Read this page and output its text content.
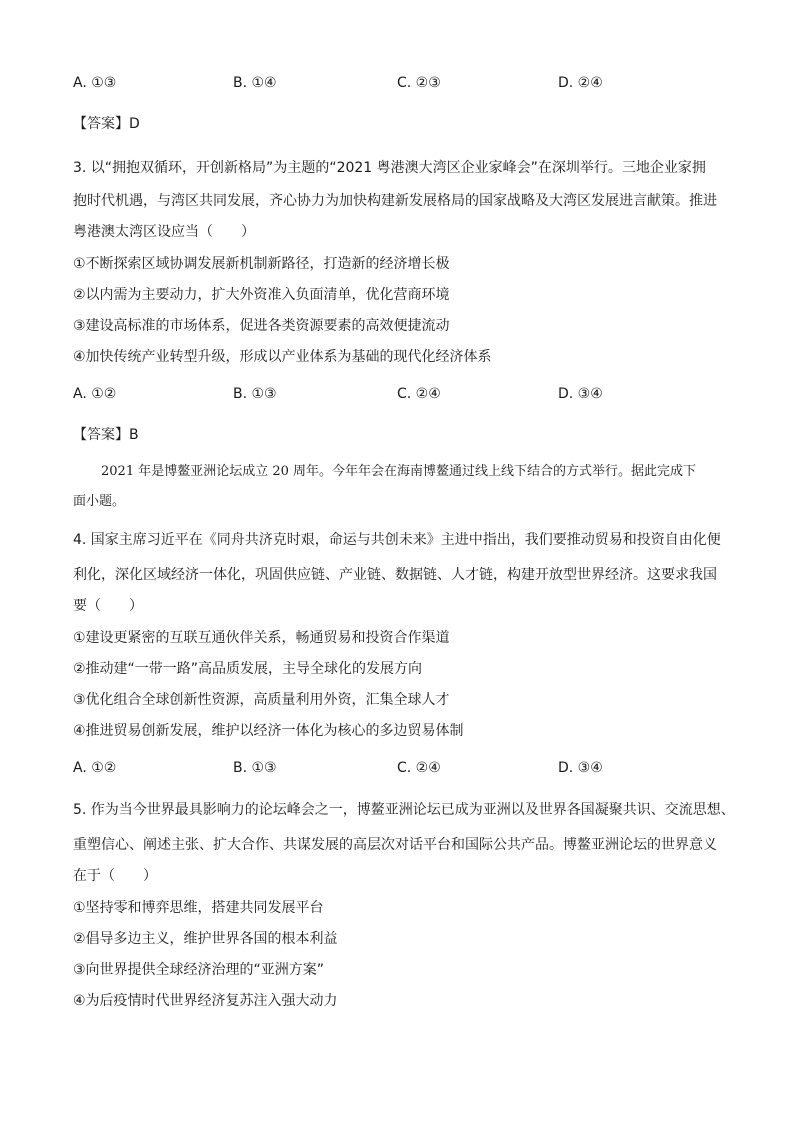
A. ①③	B. ①④	C. ②③	D. ②④
【答案】D
3. 以“拥抱双循环，开创新格局”为主题的“2021 粤港澳大湾区企业家峰会”在深圳举行。三地企业家拥
抱时代机遇，与湾区共同发展，齐心协力为加快构建新发展格局的国家战略及大湾区发展进言献策。推进
粤港澳太湾区设应当（　　）
①不断探索区域协调发展新机制新路径，打造新的经济增长极
②以内需为主要动力，扩大外资准入负面清单，优化营商环境
③建设高标准的市场体系，促进各类资源要素的高效便捷流动
④加快传统产业转型升级，形成以产业体系为基础的现代化经济体系
A. ①②	B. ①③	C. ②④	D. ③④
【答案】B
2021 年是博鳌亚洲论坛成立 20 周年。今年年会在海南博鳌通过线上线下结合的方式举行。据此完成下
面小题。
4. 国家主席习近平在《同舟共济克时艰，命运与共创未来》主进中指出，我们要推动贸易和投资自由化便
利化，深化区域经济一体化，巩固供应链、产业链、数据链、人才链，构建开放型世界经济。这要求我国
要（　　）
①建设更紧密的互联互通伙伴关系，畅通贸易和投资合作渠道
②推动建“一带一路”高品质发展，主导全球化的发展方向
③优化组合全球创新性资源，高质量利用外资，汇集全球人才
④推进贸易创新发展，维护以经济一体化为核心的多边贸易体制
A. ①②	B. ①③	C. ②④	D. ③④
5. 作为当今世界最具影响力的论坛峰会之一，博鳌亚洲论坛已成为亚洲以及世界各国凝聚共识、交流思想、
重塑信心、阐述主张、扩大合作、共谋发展的高层次对话平台和国际公共产品。博鳌亚洲论坛的世界意义
在于（　　）
①坚持零和博弈思维，搭建共同发展平台
②倡导多边主义，维护世界各国的根本利益
③向世界提供全球经济治理的“亚洲方案”
④为后疫情时代世界经济复苏注入强大动力
